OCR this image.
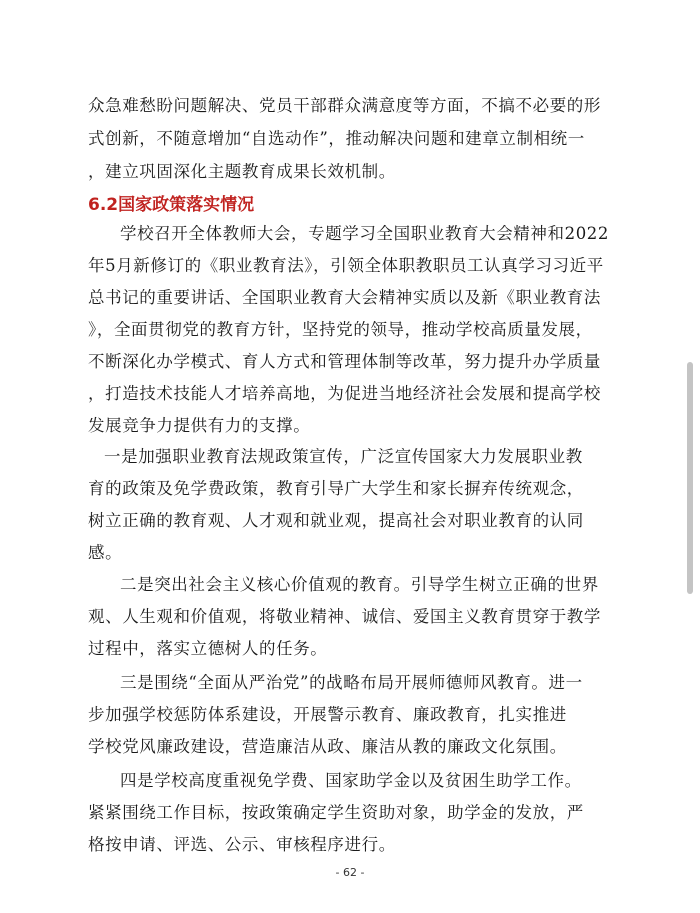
众急难愁盼问题解决、党员干部群众满意度等方面，不搞不必要的形
式创新，不随意增加“自选动作”，推动解决问题和建章立制相统一
，建立巩固深化主题教育成果长效机制。
6.2国家政策落实情况
学校召开全体教师大会，专题学习全国职业教育大会精神和2022
年5月新修订的《职业教育法》，引领全体职教职员工认真学习习近平
总书记的重要讲话、全国职业教育大会精神实质以及新《职业教育法
》，全面贯彻党的教育方针，坚持党的领导，推动学校高质量发展，
不断深化办学模式、育人方式和管理体制等改革，努力提升办学质量
，打造技术技能人才培养高地，为促进当地经济社会发展和提高学校
发展竞争力提供有力的支撑。
一是加强职业教育法规政策宣传，广泛宣传国家大力发展职业教
育的政策及免学费政策，教育引导广大学生和家长摒弃传统观念，
树立正确的教育观、人才观和就业观，提高社会对职业教育的认同
感。
二是突出社会主义核心价值观的教育。引导学生树立正确的世界
观、人生观和价值观，将敬业精神、诚信、爱国主义教育贯穿于教学
过程中，落实立德树人的任务。
三是围绕“全面从严治党”的战略布局开展师德师风教育。进一
步加强学校惩防体系建设，开展警示教育、廉政教育，扎实推进
学校党风廉政建设，营造廉洁从政、廉洁从教的廉政文化氛围。
四是学校高度重视免学费、国家助学金以及贫困生助学工作。
紧紧围绕工作目标，按政策确定学生资助对象，助学金的发放，严
格按申请、评选、公示、审核程序进行。
- 62 -
